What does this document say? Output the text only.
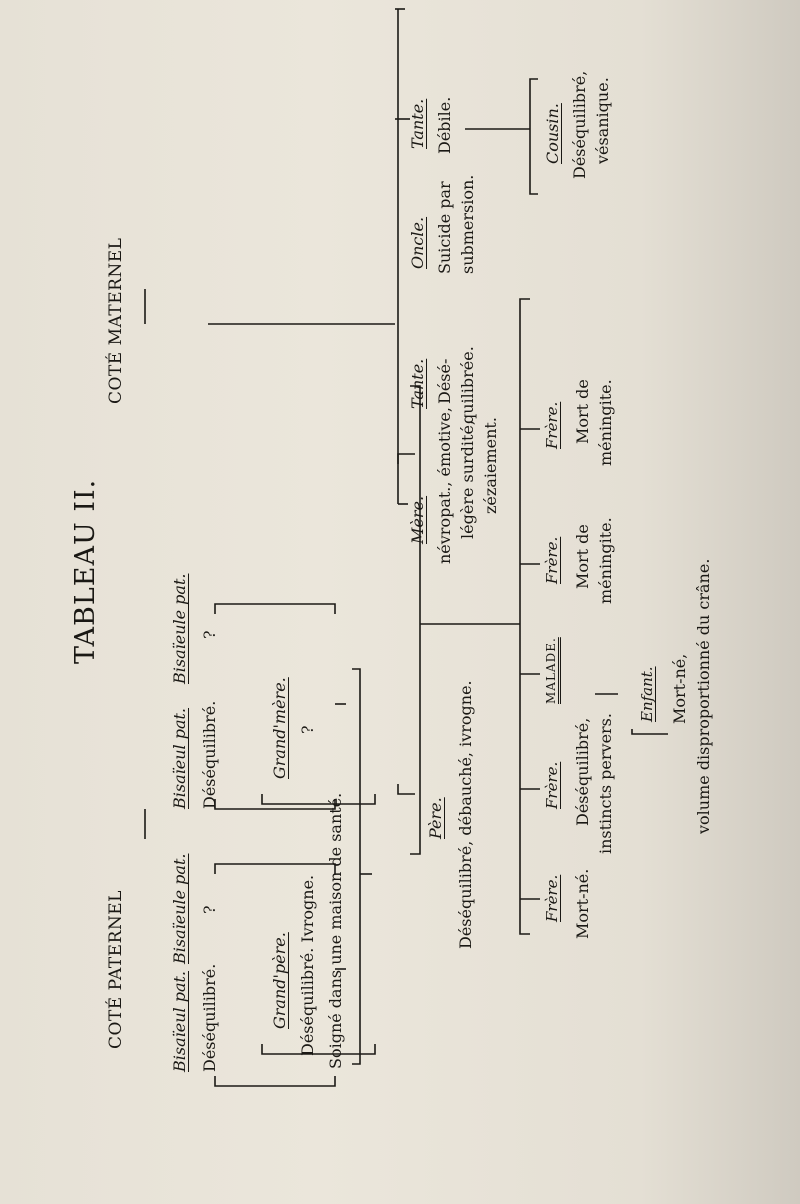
TABLEAU II.
COTÉ PATERNEL
COTÉ MATERNEL
Bisaïeul pat. Déséquilibré.
Bisaïeule pat. ?
Bisaïeul pat. Déséquilibré.
Bisaïeule pat. ?
Grand'père. Déséquilibré. Ivrogne. Soigné dans une maison de santé.
Grand'mère. ?
Père. Déséquilibré, débauché, ivrogne.
Mère. névropat., émotive, légère surdité, zézaiement.
Tante. Désé- quilibrée.
Oncle. Suicide par submersion.
Tante. Débile.	Cousin. Déséquilibré, vésanique.
Frère. Mort-né.
Frère. Déséquilibré, instincts pervers.
MALADE.
Frère. Mort de méningite.
Frère. Mort de méningite.
Enfant. Mort-né, volume disproportionné du crâne.
